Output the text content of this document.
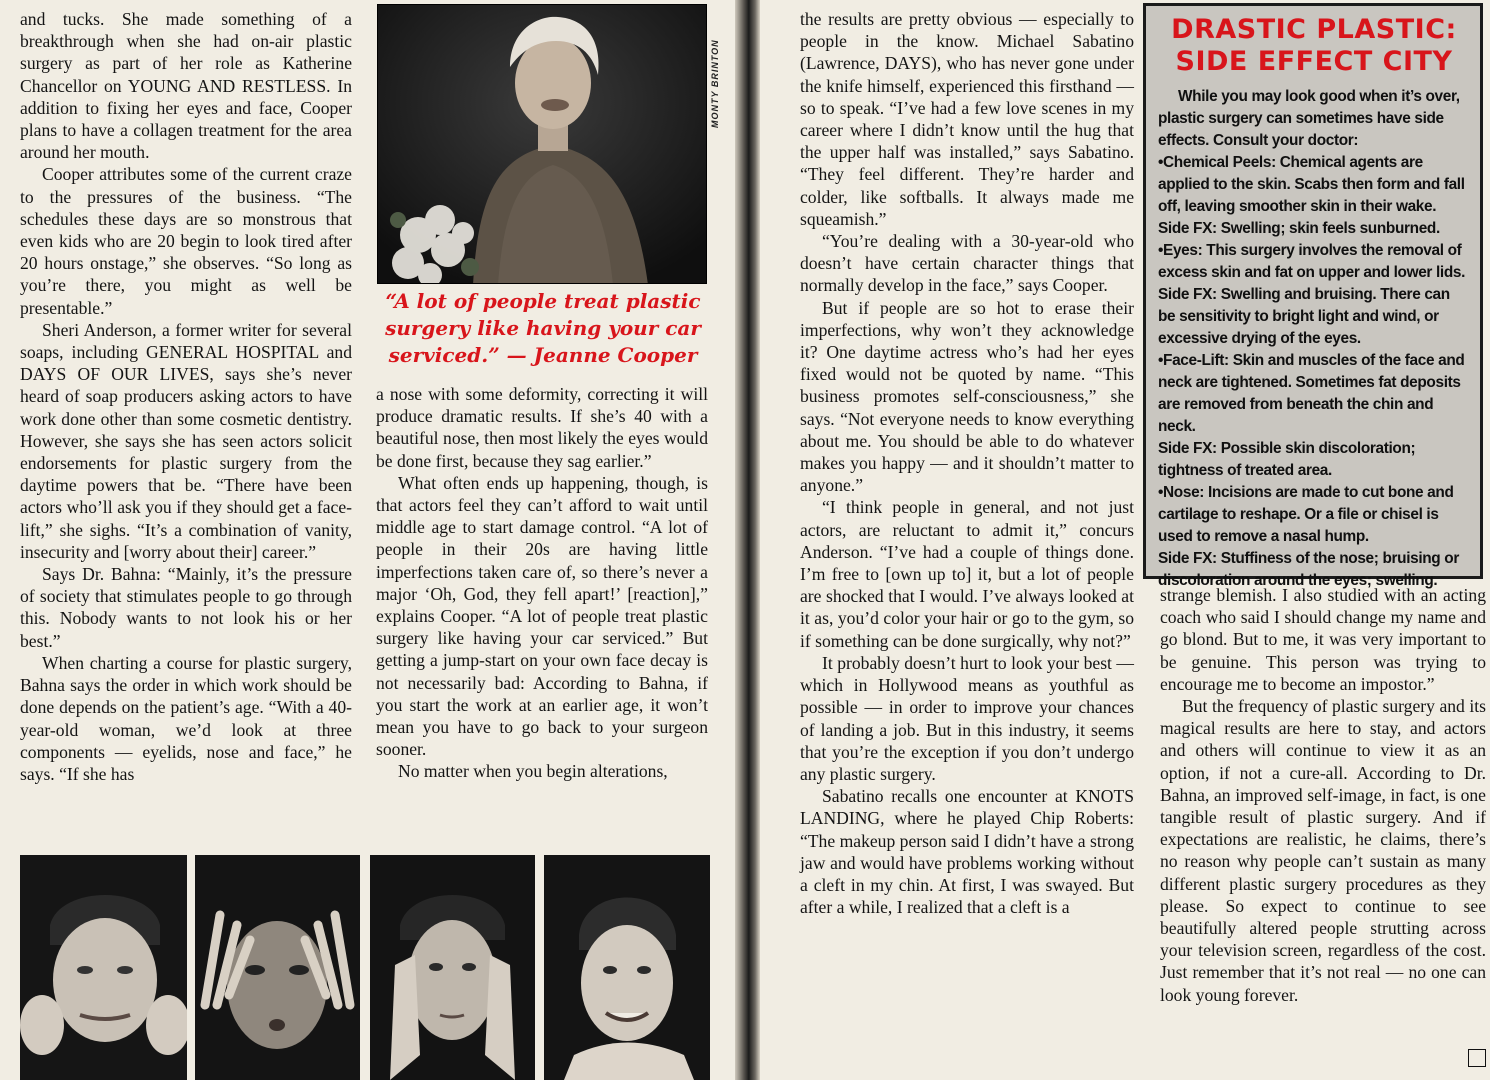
and tucks. She made something of a breakthrough when she had on-air plastic surgery as part of her role as Katherine Chancellor on YOUNG AND RESTLESS. In addition to fixing her eyes and face, Cooper plans to have a collagen treatment for the area around her mouth.

Cooper attributes some of the current craze to the pressures of the business. “The schedules these days are so monstrous that even kids who are 20 begin to look tired after 20 hours onstage,” she observes. “So long as you’re there, you might as well be presentable.”

Sheri Anderson, a former writer for several soaps, including GENERAL HOSPITAL and DAYS OF OUR LIVES, says she’s never heard of soap producers asking actors to have work done other than some cosmetic dentistry. However, she says she has seen actors solicit endorsements for plastic surgery from the daytime powers that be. “There have been actors who’ll ask you if they should get a face-lift,” she sighs. “It’s a combination of vanity, insecurity and [worry about their] career.”

Says Dr. Bahna: “Mainly, it’s the pressure of society that stimulates people to go through this. Nobody wants to not look his or her best.”

When charting a course for plastic surgery, Bahna says the order in which work should be done depends on the patient’s age. “With a 40-year-old woman, we’d look at three components — eyelids, nose and face,” he says. “If she has

MONTY BRINTON
“A lot of people treat plastic surgery like having your car serviced.” — Jeanne Cooper

a nose with some deformity, correcting it will produce dramatic results. If she’s 40 with a beautiful nose, then most likely the eyes would be done first, because they sag earlier.”

What often ends up happening, though, is that actors feel they can’t afford to wait until middle age to start damage control. “A lot of people in their 20s are having little imperfections taken care of, so there’s never a major ‘Oh, God, they fell apart!’ [reaction],” explains Cooper. “A lot of people treat plastic surgery like having your car serviced.” But getting a jump-start on your own face decay is not necessarily bad: According to Bahna, if you start the work at an earlier age, it won’t mean you have to go back to your surgeon sooner.

No matter when you begin alterations,

the results are pretty obvious — especially to people in the know. Michael Sabatino (Lawrence, DAYS), who has never gone under the knife himself, experienced this firsthand — so to speak. “I’ve had a few love scenes in my career where I didn’t know until the hug that the upper half was installed,” says Sabatino. “They feel different. They’re harder and colder, like softballs. It always made me squeamish.”

“You’re dealing with a 30-year-old who doesn’t have certain character things that normally develop in the face,” says Cooper.

But if people are so hot to erase their imperfections, why won’t they acknowledge it? One daytime actress who’s had her eyes fixed would not be quoted by name. “This business promotes self-consciousness,” she says. “Not everyone needs to know everything about me. You should be able to do whatever makes you happy — and it shouldn’t matter to anyone.”

“I think people in general, and not just actors, are reluctant to admit it,” concurs Anderson. “I’ve had a couple of things done. I’m free to [own up to] it, but a lot of people are shocked that I would. I’ve always looked at it as, you’d color your hair or go to the gym, so if something can be done surgically, why not?”

It probably doesn’t hurt to look your best — which in Hollywood means as youthful as possible — in order to improve your chances of landing a job. But in this industry, it seems that you’re the exception if you don’t undergo any plastic surgery.

Sabatino recalls one encounter at KNOTS LANDING, where he played Chip Roberts: “The makeup person said I didn’t have a strong jaw and would have problems working without a cleft in my chin. At first, I was swayed. But after a while, I realized that a cleft is a

DRASTIC PLASTIC:
SIDE EFFECT CITY

While you may look good when it’s over, plastic surgery can sometimes have side effects. Consult your doctor:

•Chemical Peels: Chemical agents are applied to the skin. Scabs then form and fall off, leaving smoother skin in their wake.

Side FX: Swelling; skin feels sunburned.

•Eyes: This surgery involves the removal of excess skin and fat on upper and lower lids.

Side FX: Swelling and bruising. There can be sensitivity to bright light and wind, or excessive drying of the eyes.

•Face-Lift: Skin and muscles of the face and neck are tightened. Sometimes fat deposits are removed from beneath the chin and neck.

Side FX: Possible skin discoloration; tightness of treated area.

•Nose: Incisions are made to cut bone and cartilage to reshape. Or a file or chisel is used to remove a nasal hump.

Side FX: Stuffiness of the nose; bruising or discoloration around the eyes; swelling.

strange blemish. I also studied with an acting coach who said I should change my name and go blond. But to me, it was very important to be genuine. This person was trying to encourage me to become an impostor.”

But the frequency of plastic surgery and its magical results are here to stay, and actors and others will continue to view it as an option, if not a cure-all. According to Dr. Bahna, an improved self-image, in fact, is one tangible result of plastic surgery. And if expectations are realistic, he claims, there’s no reason why people can’t sustain as many different plastic surgery procedures as they please. So expect to continue to see beautifully altered people strutting across your television screen, regardless of the cost. Just remember that it’s not real — no one can look young forever.
